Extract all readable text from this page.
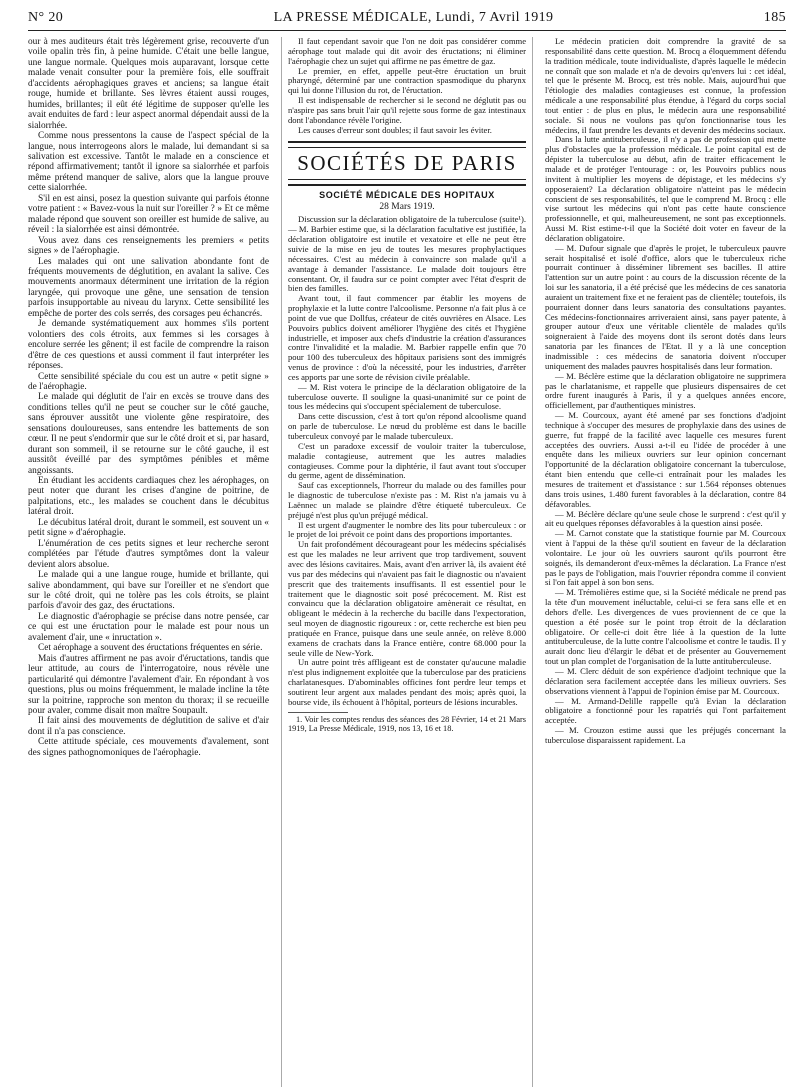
N° 20	LA PRESSE MÉDICALE, Lundi, 7 Avril 1919	185

our à mes auditeurs était très légèrement grise, recouverte d'un voile opalin très fin, à peine humide. C'était une belle langue, une langue normale. Quelques mois auparavant, lorsque cette malade venait consulter pour la première fois, elle souffrait d'accidents aérophagiques graves et anciens; sa langue était rouge, humide et brillante. Ses lèvres étaient aussi rouges, humides, brillantes; il eût été légitime de supposer qu'elle les avait enduites de fard : leur aspect anormal dépendait aussi de la sialorrhée.

Comme nous pressentons la cause de l'aspect spécial de la langue, nous interrogeons alors le malade, lui demandant si sa salivation est excessive. Tantôt le malade en a conscience et répond affirmativement; tantôt il ignore sa sialorrhée et parfois même prétend manquer de salive, alors que la langue prouve cette sialorrhée.

S'il en est ainsi, posez la question suivante qui parfois étonne votre patient : « Bavez-vous la nuit sur l'oreiller ? » Et ce même malade répond que souvent son oreiller est humide de salive, au réveil : la sialorrhée est ainsi démontrée.

Vous avez dans ces renseignements les premiers « petits signes » de l'aérophagie.

Les malades qui ont une salivation abondante font de fréquents mouvements de déglutition, en avalant la salive. Ces mouvements anormaux déterminent une irritation de la région laryngée, qui provoque une gêne, une sensation de tension parfois insupportable au niveau du larynx. Cette sensibilité les empêche de porter des cols serrés, des corsages peu échancrés.

Je demande systématiquement aux hommes s'ils portent volontiers des cols étroits, aux femmes si les corsages à encolure serrée les gênent; il est facile de comprendre la raison d'être de ces questions et aussi comment il faut interpréter les réponses.

Cette sensibilité spéciale du cou est un autre « petit signe » de l'aérophagie.

Le malade qui déglutit de l'air en excès se trouve dans des conditions telles qu'il ne peut se coucher sur le côté gauche, sans éprouver aussitôt une violente gêne respiratoire, des sensations douloureuses, sans entendre les battements de son cœur. Il ne peut s'endormir que sur le côté droit et si, par hasard, durant son sommeil, il se retourne sur le côté gauche, il est aussitôt éveillé par des symptômes pénibles et même angoissants.

En étudiant les accidents cardiaques chez les aérophages, on peut noter que durant les crises d'angine de poitrine, de palpitations, etc., les malades se couchent dans le décubitus latéral droit.

Le décubitus latéral droit, durant le sommeil, est souvent un « petit signe » d'aérophagie.

L'énumération de ces petits signes et leur recherche seront complétées par l'étude d'autres symptômes dont la valeur devient alors absolue.

Le malade qui a une langue rouge, humide et brillante, qui salive abondamment, qui bave sur l'oreiller et ne s'endort que sur le côté droit, qui ne tolère pas les cols étroits, se plaint parfois d'avoir des gaz, des éructations.

Le diagnostic d'aérophagie se précise dans notre pensée, car ce qui est une éructation pour le malade est pour nous un avalement d'air, une « inructation ».

Cet aérophage a souvent des éructations fréquentes en série.

Mais d'autres affirment ne pas avoir d'éructations, tandis que leur attitude, au cours de l'interrogatoire, nous révèle une particularité qui démontre l'avalement d'air. En répondant à vos questions, plus ou moins fréquemment, le malade incline la tête sur la poitrine, rapproche son menton du thorax; il se recueille pour avaler, comme disait mon maître Soupault.

Il fait ainsi des mouvements de déglutition de salive et d'air dont il n'a pas conscience.

Cette attitude spéciale, ces mouvements d'avalement, sont des signes pathognomoniques de l'aérophagie.

Il faut cependant savoir que l'on ne doit pas considérer comme aérophage tout malade qui dit avoir des éructations; ni éliminer l'aérophagie chez un sujet qui affirme ne pas émettre de gaz.

Le premier, en effet, appelle peut-être éructation un bruit pharyngé, déterminé par une contraction spasmodique du pharynx qui lui donne l'illusion du rot, de l'éructation.

Il est indispensable de rechercher si le second ne déglutit pas ou n'aspire pas sans bruit l'air qu'il rejette sous forme de gaz intestinaux dont l'abondance révèle l'origine.

Les causes d'erreur sont doubles; il faut savoir les éviter.

SOCIÉTÉS DE PARIS
SOCIÉTÉ MÉDICALE DES HOPITAUX
28 Mars 1919.

Discussion sur la déclaration obligatoire de la tuberculose (suite¹). — M. Barbier estime que, si la déclaration facultative est justifiée, la déclaration obligatoire est inutile et vexatoire et elle ne peut être suivie de la mise en jeu de toutes les mesures prophylactiques nécessaires. C'est au médecin à convaincre son malade qu'il a avantage à demander l'assistance. Le malade doit toujours être consentant. Or, il faudra sur ce point compter avec l'état d'esprit de bien des familles.

Avant tout, il faut commencer par établir les moyens de prophylaxie et la lutte contre l'alcoolisme. Personne n'a fait plus à ce point de vue que Dollfus, créateur de cités ouvrières en Alsace. Les Pouvoirs publics doivent améliorer l'hygiène des cités et l'hygiène industrielle, et imposer aux chefs d'industrie la création d'assurances contre l'invalidité et la maladie. M. Barbier rappelle enfin que 70 pour 100 des tuberculeux des hôpitaux parisiens sont des immigrés venus de province : d'où la nécessité, pour les industries, d'arrêter ces apports par une sorte de révision civile préalable.

— M. Rist votera le principe de la déclaration obligatoire de la tuberculose ouverte. Il souligne la quasi-unanimité sur ce point de tous les médecins qui s'occupent spécialement de tuberculose.

Dans cette discussion, c'est à tort qu'on répond alcoolisme quand on parle de tuberculose. Le nœud du problème est dans le bacille tuberculeux convoyé par le malade tuberculeux.

C'est un paradoxe excessif de vouloir traiter la tuberculose, maladie contagieuse, autrement que les autres maladies contagieuses. Comme pour la diphtérie, il faut avant tout s'occuper du germe, agent de dissémination.

Sauf cas exceptionnels, l'horreur du malade ou des familles pour le diagnostic de tuberculose n'existe pas : M. Rist n'a jamais vu à Laënnec un malade se plaindre d'être étiqueté tuberculeux. Ce préjugé n'est plus qu'un préjugé médical.

Il est urgent d'augmenter le nombre des lits pour tuberculeux : or le projet de loi prévoit ce point dans des proportions importantes.

Un fait profondément décourageant pour les médecins spécialisés est que les malades ne leur arrivent que trop tardivement, souvent avec des lésions cavitaires. Mais, avant d'en arriver là, ils avaient été vus par des médecins qui n'avaient pas fait le diagnostic ou n'avaient prescrit que des traitements insuffisants. Il est essentiel pour le traitement que le diagnostic soit posé précocement. M. Rist est convaincu que la déclaration obligatoire amènerait ce résultat, en obligeant le médecin à la recherche du bacille dans l'expectoration, seul moyen de diagnostic rigoureux : or, cette recherche est bien peu pratiquée en France, puisque dans une seule année, on relève 8.000 examens de crachats dans la France entière, contre 68.000 pour la seule ville de New-York.

Un autre point très affligeant est de constater qu'aucune maladie n'est plus indignement exploitée que la tuberculose par des praticiens charlatanesques. D'abominables officines font perdre leur temps et soutirent leur argent aux malades pendant des mois; après quoi, la bourse vide, ils échouent à l'hôpital, porteurs de lésions incurables.

1. Voir les comptes rendus des séances des 28 Février, 14 et 21 Mars 1919, La Presse Médicale, 1919, nos 13, 16 et 18.

Le médecin praticien doit comprendre la gravité de sa responsabilité dans cette question. M. Brocq a éloquemment défendu la tradition médicale, toute individualiste, d'après laquelle le médecin ne connaît que son malade et n'a de devoirs qu'envers lui : cet idéal, tel que le présente M. Brocq, est très noble. Mais, aujourd'hui que l'étiologie des maladies contagieuses est connue, la profession médicale a une responsabilité plus étendue, à l'égard du corps social tout entier : de plus en plus, le médecin aura une responsabilité sociale. Si nous ne voulons pas qu'on fonctionnarise tous les médecins, il faut prendre les devants et devenir des médecins sociaux.

Dans la lutte antituberculeuse, il n'y a pas de profession qui mette plus d'obstacles que la profession médicale. Le point capital est de dépister la tuberculose au début, afin de traiter efficacement le malade et de protéger l'entourage : or, les Pouvoirs publics nous invitent à multiplier les moyens de dépistage, et les médecins s'y opposeraient? La déclaration obligatoire n'atteint pas le médecin conscient de ses responsabilités, tel que le comprend M. Brocq : elle vise surtout les médecins qui n'ont pas cette haute conscience professionnelle, et qui, malheureusement, ne sont pas exceptionnels. Aussi M. Rist estime-t-il que la Société doit voter en faveur de la déclaration obligatoire.

— M. Dufour signale que d'après le projet, le tuberculeux pauvre serait hospitalisé et isolé d'office, alors que le tuberculeux riche pourrait continuer à disséminer librement ses bacilles. Il attire l'attention sur un autre point : au cours de la discussion récente de la loi sur les sanatoria, il a été précisé que les médecins de ces sanatoria auraient un traitement fixe et ne feraient pas de clientèle; toutefois, ils pourraient donner dans leurs sanatoria des consultations payantes. Ces médecins-fonctionnaires arriveraient ainsi, sans payer patente, à grouper autour d'eux une véritable clientèle de malades qu'ils soigneraient à l'aide des moyens dont ils seront dotés dans leurs sanatoria par les finances de l'Etat. Il y a là une conception inadmissible : ces médecins de sanatoria doivent n'occuper uniquement des malades pauvres hospitalisés dans leur formation.

— M. Béclère estime que la déclaration obligatoire ne supprimera pas le charlatanisme, et rappelle que plusieurs dispensaires de cet ordre furent inaugurés à Paris, il y a quelques années encore, officiellement, par d'authentiques ministres.

— M. Courcoux, ayant été amené par ses fonctions d'adjoint technique à s'occuper des mesures de prophylaxie dans des usines de guerre, fut frappé de la facilité avec laquelle ces mesures furent acceptées des ouvriers. Aussi a-t-il eu l'idée de procéder à une enquête dans les milieux ouvriers sur leur opinion concernant l'opportunité de la déclaration obligatoire concernant la tuberculose, étant bien entendu que celle-ci entraînait pour les malades les mesures de traitement et d'assistance : sur 1.564 réponses obtenues dans trois usines, 1.480 furent favorables à la déclaration, contre 84 défavorables.

— M. Béclère déclare qu'une seule chose le surprend : c'est qu'il y ait eu quelques réponses défavorables à la question ainsi posée.

— M. Carnot constate que la statistique fournie par M. Courcoux vient à l'appui de la thèse qu'il soutient en faveur de la déclaration volontaire. Le jour où les ouvriers sauront qu'ils pourront être soignés, ils demanderont d'eux-mêmes la déclaration. La France n'est pas le pays de l'obligation, mais l'ouvrier répondra comme il convient si l'on fait appel à son bon sens.

— M. Trémolières estime que, si la Société médicale ne prend pas la tête d'un mouvement inéluctable, celui-ci se fera sans elle et en dehors d'elle. Les divergences de vues proviennent de ce que la question a été posée sur le point trop étroit de la déclaration obligatoire. Or celle-ci doit être liée à la question de la lutte antituberculeuse, de la lutte contre l'alcoolisme et contre le taudis. Il y aurait donc lieu d'élargir le débat et de présenter au Gouvernement tout un plan complet de l'organisation de la lutte antituberculeuse.

— M. Clerc déduit de son expérience d'adjoint technique que la déclaration sera facilement acceptée dans les milieux ouvriers. Ses observations viennent à l'appui de l'opinion émise par M. Courcoux.

— M. Armand-Delille rappelle qu'à Evian la déclaration obligatoire a fonctionné pour les rapatriés qui l'ont parfaitement acceptée.

— M. Crouzon estime aussi que les préjugés concernant la tuberculose disparaissent rapidement. La
